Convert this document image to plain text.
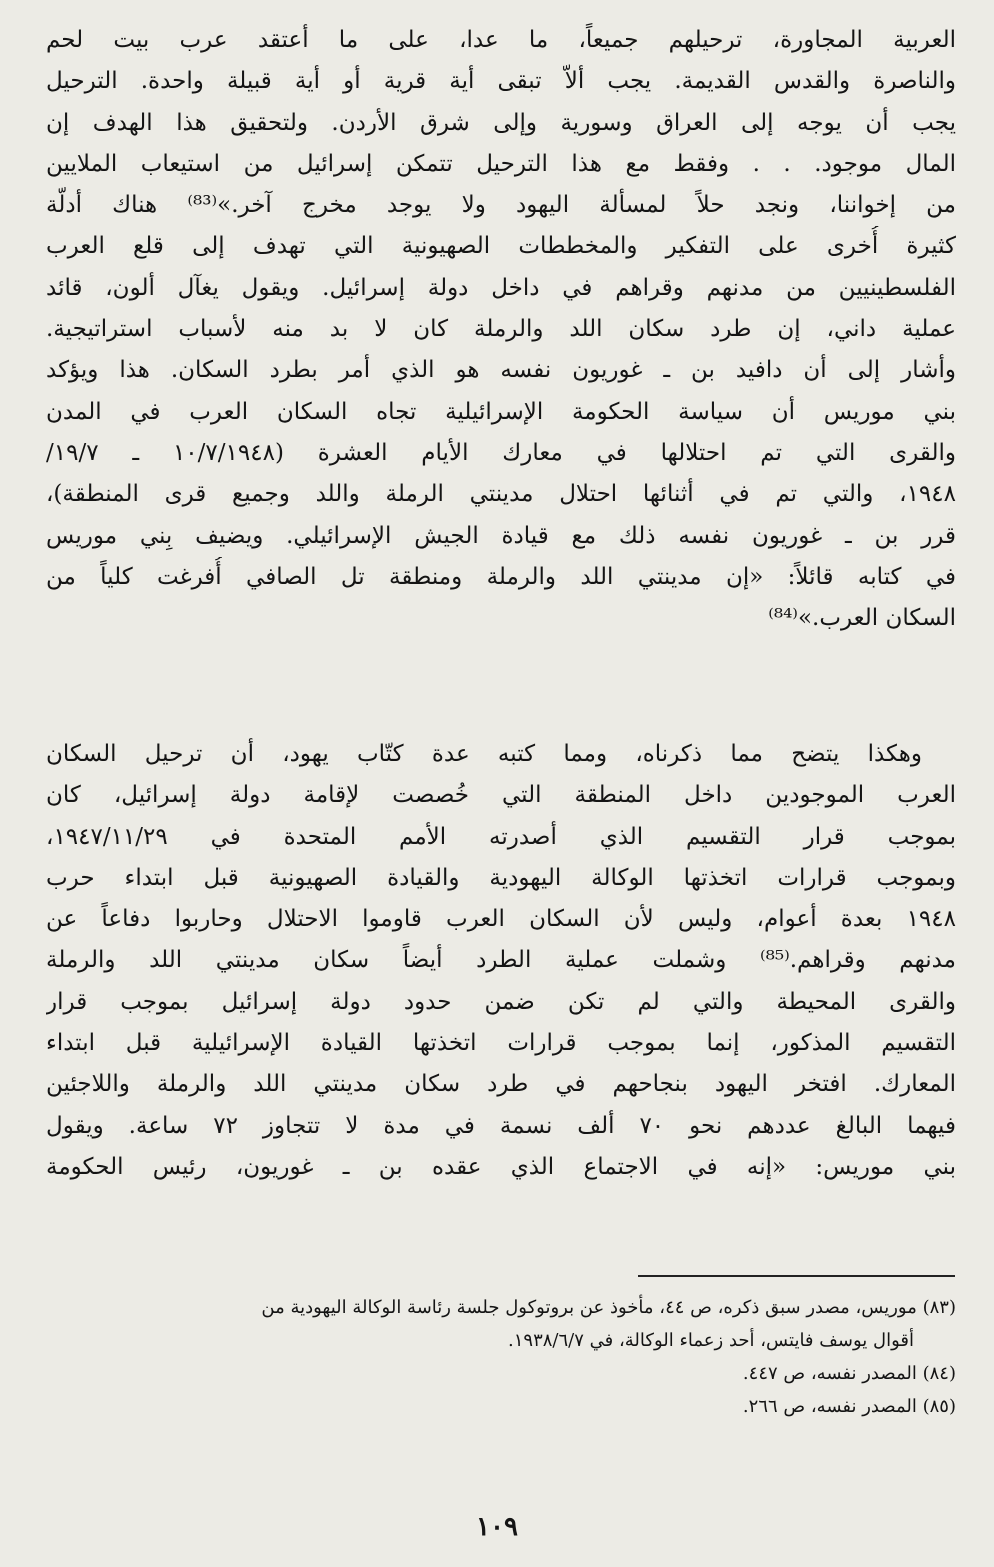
العربية المجاورة، ترحيلهم جميعاً، ما عدا، على ما أعتقد عرب بيت لحم
والناصرة والقدس القديمة. يجب ألاّ تبقى أية قرية أو أية قبيلة واحدة. الترحيل
يجب أن يوجه إلى العراق وسورية وإلى شرق الأردن. ولتحقيق هذا الهدف إن
المال موجود. . . وفقط مع هذا الترحيل تتمكن إسرائيل من استيعاب الملايين
من إخواننا، ونجد حلاً لمسألة اليهود ولا يوجد مخرج آخر.»⁽⁸³⁾ هناك أدلّة
كثيرة أُخرى على التفكير والمخططات الصهيونية التي تهدف إلى قلع العرب
الفلسطينيين من مدنهم وقراهم في داخل دولة إسرائيل. ويقول يغآل ألون، قائد
عملية داني، إن طرد سكان اللد والرملة كان لا بد منه لأسباب استراتيجية.
وأشار إلى أن دافيد بن ـ غوريون نفسه هو الذي أمر بطرد السكان. هذا ويؤكد
بني موريس أن سياسة الحكومة الإسرائيلية تجاه السكان العرب في المدن
والقرى التي تم احتلالها في معارك الأيام العشرة (١٠/٧/١٩٤٨ ـ ١٩/٧/
١٩٤٨، والتي تم في أثنائها احتلال مدينتي الرملة واللد وجميع قرى المنطقة)،
قرر بن ـ غوريون نفسه ذلك مع قيادة الجيش الإسرائيلي. ويضيف بِني موريس
في كتابه قائلاً: «إن مدينتي اللد والرملة ومنطقة تل الصافي أُفرغت كلياً من
السكان العرب.»⁽⁸⁴⁾
وهكذا يتضح مما ذكرناه، ومما كتبه عدة كتّاب يهود، أن ترحيل السكان
العرب الموجودين داخل المنطقة التي خُصصت لإقامة دولة إسرائيل، كان
بموجب قرار التقسيم الذي أصدرته الأمم المتحدة في ١٩٤٧/١١/٢٩،
وبموجب قرارات اتخذتها الوكالة اليهودية والقيادة الصهيونية قبل ابتداء حرب
١٩٤٨ بعدة أعوام، وليس لأن السكان العرب قاوموا الاحتلال وحاربوا دفاعاً عن
مدنهم وقراهم.⁽⁸⁵⁾ وشملت عملية الطرد أيضاً سكان مدينتي اللد والرملة
والقرى المحيطة والتي لم تكن ضمن حدود دولة إسرائيل بموجب قرار
التقسيم المذكور، إنما بموجب قرارات اتخذتها القيادة الإسرائيلية قبل ابتداء
المعارك. افتخر اليهود بنجاحهم في طرد سكان مدينتي اللد والرملة واللاجئين
فيهما البالغ عددهم نحو ٧٠ ألف نسمة في مدة لا تتجاوز ٧٢ ساعة. ويقول
بني موريس: «إنه في الاجتماع الذي عقده بن ـ غوريون، رئيس الحكومة
(٨٣) موريس، مصدر سبق ذكره، ص ٤٤، مأخوذ عن بروتوكول جلسة رئاسة الوكالة اليهودية من
أقوال يوسف فايتس، أحد زعماء الوكالة، في ١٩٣٨/٦/٧.
(٨٤) المصدر نفسه، ص ٤٤٧.
(٨٥) المصدر نفسه، ص ٢٦٦.
١٠٩
